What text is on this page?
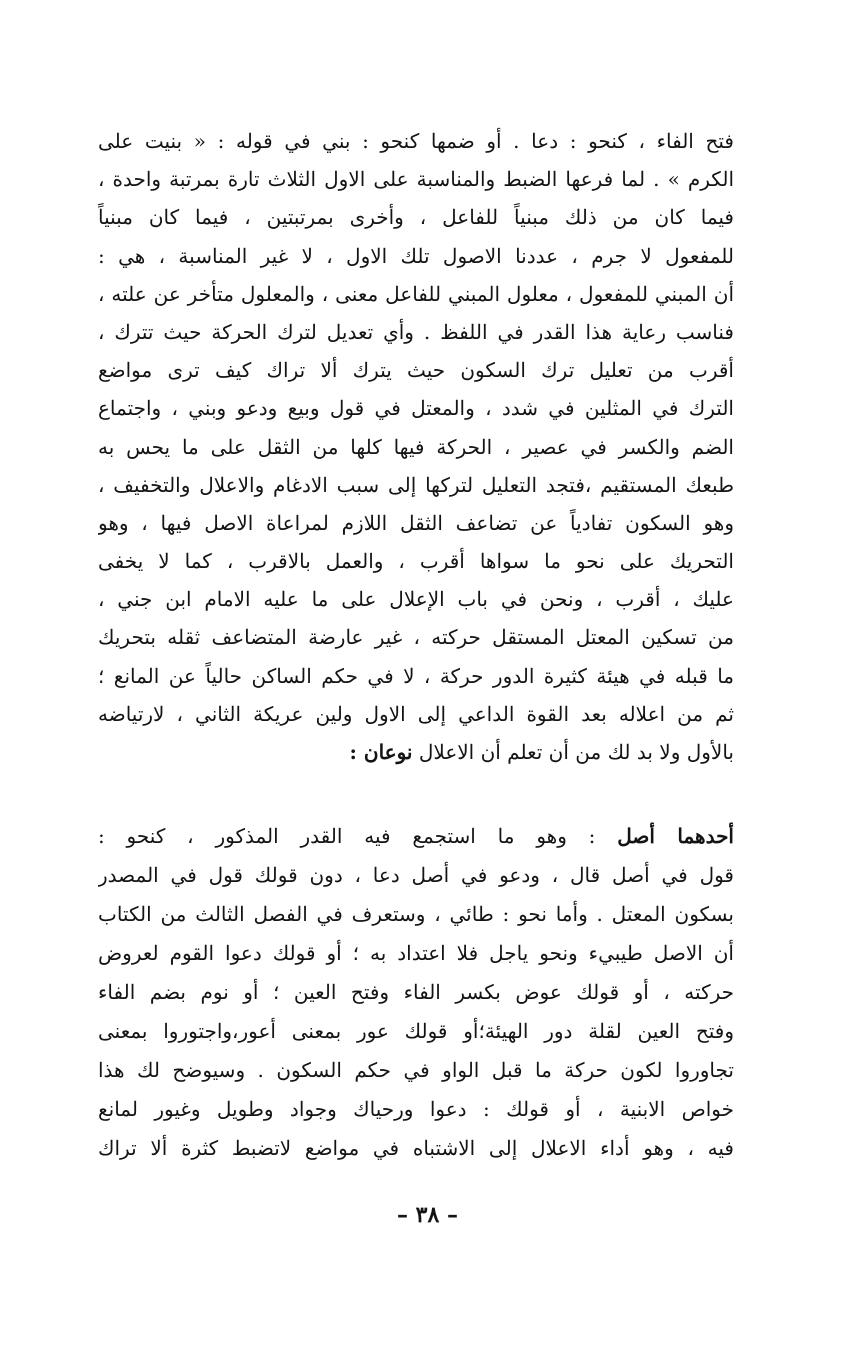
فتح الفاء ، كنحو : دعا . أو ضمها كنحو : بني في قوله : « بنيت على
الكرم » . لما فرعها الضبط والمناسبة على الاول الثلاث تارة بمرتبة واحدة ،
فيما كان من ذلك مبنياً للفاعل ، وأخرى بمرتبتين ، فيما كان مبنياً
للمفعول لا جرم ، عددنا الاصول تلك الاول ، لا غير المناسبة ، هي :
أن المبني للمفعول ، معلول المبني للفاعل معنى ، والمعلول متأخر عن علته ،
فناسب رعاية هذا القدر في اللفظ . وأي تعديل لترك الحركة حيث تترك ،
أقرب من تعليل ترك السكون حيث يترك ألا تراك كيف ترى مواضع
الترك في المثلين في شدد ، والمعتل في قول وبيع ودعو وبني ، واجتماع
الضم والكسر في عصير ، الحركة فيها كلها من الثقل على ما يحس به
طبعك المستقيم ،فتجد التعليل لتركها إلى سبب الادغام والاعلال والتخفيف ،
وهو السكون تفادياً عن تضاعف الثقل اللازم لمراعاة الاصل فيها ، وهو
التحريك على نحو ما سواها أقرب ، والعمل بالاقرب ، كما لا يخفى
عليك ، أقرب ، ونحن في باب الإعلال على ما عليه الامام ابن جني ،
من تسكين المعتل المستقل حركته ، غير عارضة المتضاعف ثقله بتحريك
ما قبله في هيئة كثيرة الدور حركة ، لا في حكم الساكن حالياً عن المانع ؛
ثم من اعلاله بعد القوة الداعي إلى الاول ولين عريكة الثاني ، لارتياضه
بالأول ولا بد لك من أن تعلم أن الاعلال نوعان :
أحدهما أصل : وهو ما استجمع فيه القدر المذكور ، كنحو :
قول في أصل قال ، ودعو في أصل دعا ، دون قولك قول في المصدر
بسكون المعتل . وأما نحو : طائي ، وستعرف في الفصل الثالث من الكتاب
أن الاصل طيبيء ونحو ياجل فلا اعتداد به ؛ أو قولك دعوا القوم لعروض
حركته ، أو قولك عوض بكسر الفاء وفتح العين ؛ أو نوم بضم الفاء
وفتح العين لقلة دور الهيئة؛أو قولك عور بمعنى أعور،واجتوروا بمعنى
تجاوروا لكون حركة ما قبل الواو في حكم السكون . وسيوضح لك هذا
خواص الابنية ، أو قولك : دعوا ورحياك وجواد وطويل وغيور لمانع
فيه ، وهو أداء الاعلال إلى الاشتباه في مواضع لاتضبط كثرة ألا تراك
– ٣٨ –
